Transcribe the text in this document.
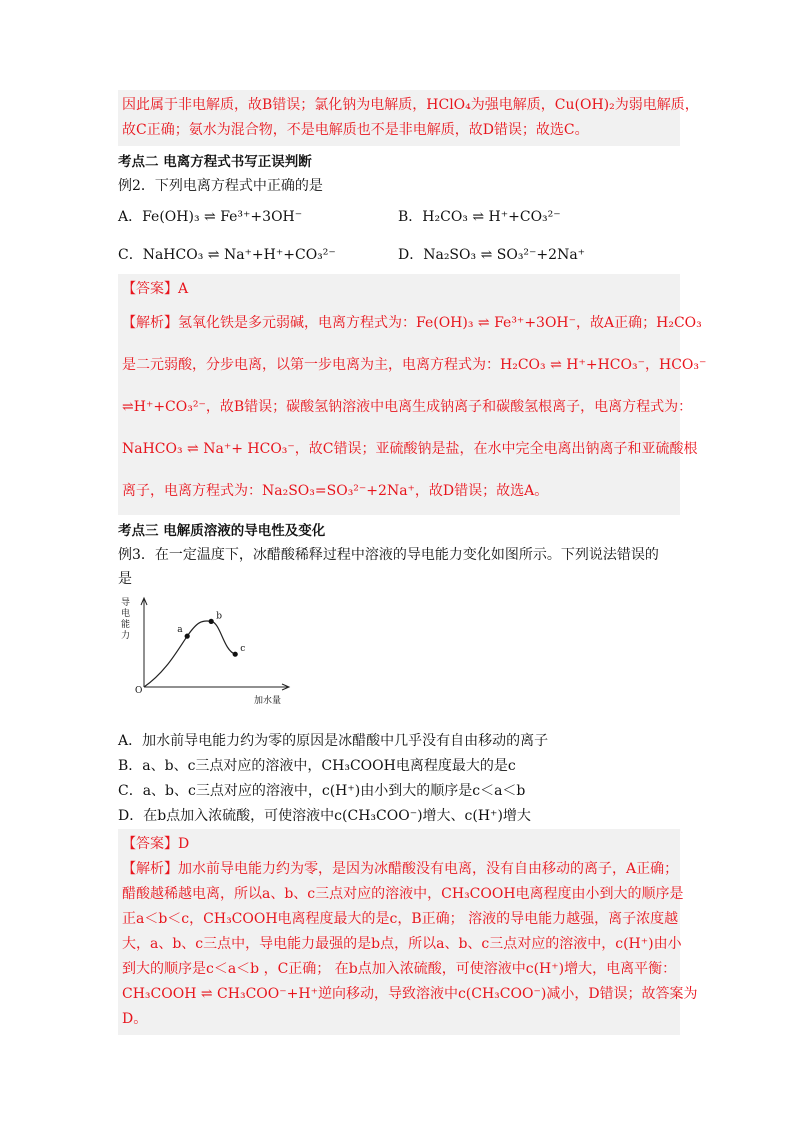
因此属于非电解质，故B错误；氯化钠为电解质，HClO₄为强电解质，Cu(OH)₂为弱电解质，
故C正确；氨水为混合物，不是电解质也不是非电解质，故D错误；故选C。
考点二 电离方程式书写正误判断
例2．下列电离方程式中正确的是
A．Fe(OH)₃ ⇌ Fe³⁺+3OH⁻	B．H₂CO₃ ⇌ H⁺+CO₃²⁻
C．NaHCO₃ ⇌ Na⁺+H⁺+CO₃²⁻	D．Na₂SO₃ ⇌ SO₃²⁻+2Na⁺
【答案】A
【解析】氢氧化铁是多元弱碱，电离方程式为：Fe(OH)₃ ⇌ Fe³⁺+3OH⁻，故A正确；H₂CO₃
是二元弱酸，分步电离，以第一步电离为主，电离方程式为：H₂CO₃ ⇌ H⁺+HCO₃⁻，HCO₃⁻
⇌H⁺+CO₃²⁻，故B错误；碳酸氢钠溶液中电离生成钠离子和碳酸氢根离子，电离方程式为：
NaHCO₃ ⇌ Na⁺+ HCO₃⁻，故C错误；亚硫酸钠是盐，在水中完全电离出钠离子和亚硫酸根
离子，电离方程式为：Na₂SO₃=SO₃²⁻+2Na⁺，故D错误；故选A。
考点三 电解质溶液的导电性及变化
例3．在一定温度下，冰醋酸稀释过程中溶液的导电能力变化如图所示。下列说法错误的
是
a
b
c
O
导
电
能
力
加水量
A．加水前导电能力约为零的原因是冰醋酸中几乎没有自由移动的离子
B．a、b、c三点对应的溶液中，CH₃COOH电离程度最大的是c
C．a、b、c三点对应的溶液中，c(H⁺)由小到大的顺序是c＜a＜b
D．在b点加入浓硫酸，可使溶液中c(CH₃COO⁻)增大、c(H⁺)增大
【答案】D
【解析】加水前导电能力约为零，是因为冰醋酸没有电离，没有自由移动的离子，A正确；
醋酸越稀越电离，所以a、b、c三点对应的溶液中，CH₃COOH电离程度由小到大的顺序是
正a＜b＜c，CH₃COOH电离程度最大的是c，B正确； 溶液的导电能力越强，离子浓度越
大，a、b、c三点中，导电能力最强的是b点，所以a、b、c三点对应的溶液中，c(H⁺)由小
到大的顺序是c＜a＜b ，C正确； 在b点加入浓硫酸，可使溶液中c(H⁺)增大，电离平衡：
CH₃COOH ⇌ CH₃COO⁻+H⁺逆向移动，导致溶液中c(CH₃COO⁻)减小，D错误；故答案为
D。
